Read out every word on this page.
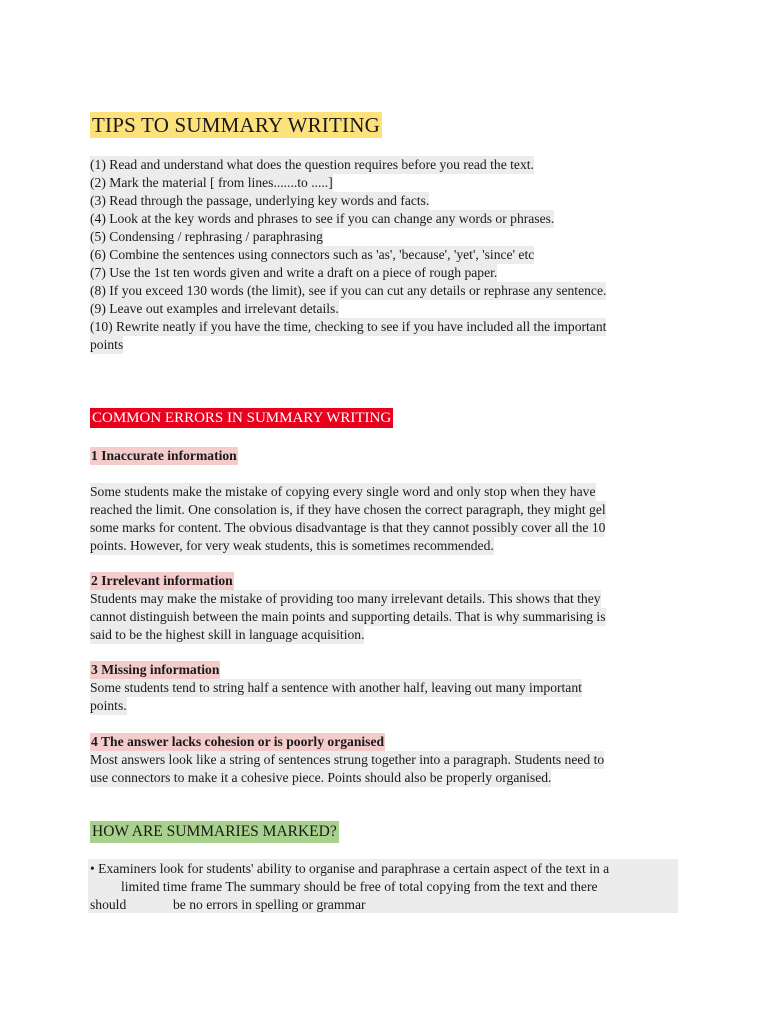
TIPS TO SUMMARY WRITING
(1) Read and understand what does the question requires before you read the text.
(2) Mark the material [ from lines.......to .....]
(3) Read through the passage, underlying key words and facts.
(4) Look at the key words and phrases to see if you can change any words or phrases.
(5) Condensing / rephrasing / paraphrasing
(6) Combine the sentences using connectors such as 'as', 'because', 'yet', 'since' etc
(7) Use the 1st ten words given and write a draft on a piece of rough paper.
(8) If you exceed 130 words (the limit), see if you can cut any details or rephrase any sentence.
(9) Leave out examples and irrelevant details.
(10) Rewrite neatly if you have the time, checking to see if you have included all the important
points
COMMON ERRORS IN SUMMARY WRITING
1 Inaccurate information
Some students make the mistake of copying every single word and only stop when they have
reached the limit. One consolation is, if they have chosen the correct paragraph, they might gel
some marks for content. The obvious disadvantage is that they cannot possibly cover all the 10
points. However, for very weak students, this is sometimes recommended.
2 Irrelevant information
Students may make the mistake of providing too many irrelevant details. This shows that they
cannot distinguish between the main points and supporting details. That is why summarising is
said to be the highest skill in language acquisition.
3 Missing information
Some students tend to string half a sentence with another half, leaving out many important
points.
4 The answer lacks cohesion or is poorly organised
Most answers look like a string of sentences strung together into a paragraph. Students need to
use connectors to make it a cohesive piece. Points should also be properly organised.
HOW ARE SUMMARIES MARKED?
• Examiners look for students' ability to organise and paraphrase a certain aspect of the text in a
limited time frame The summary should be free of total copying from the text and there
should	be no errors in spelling or grammar
